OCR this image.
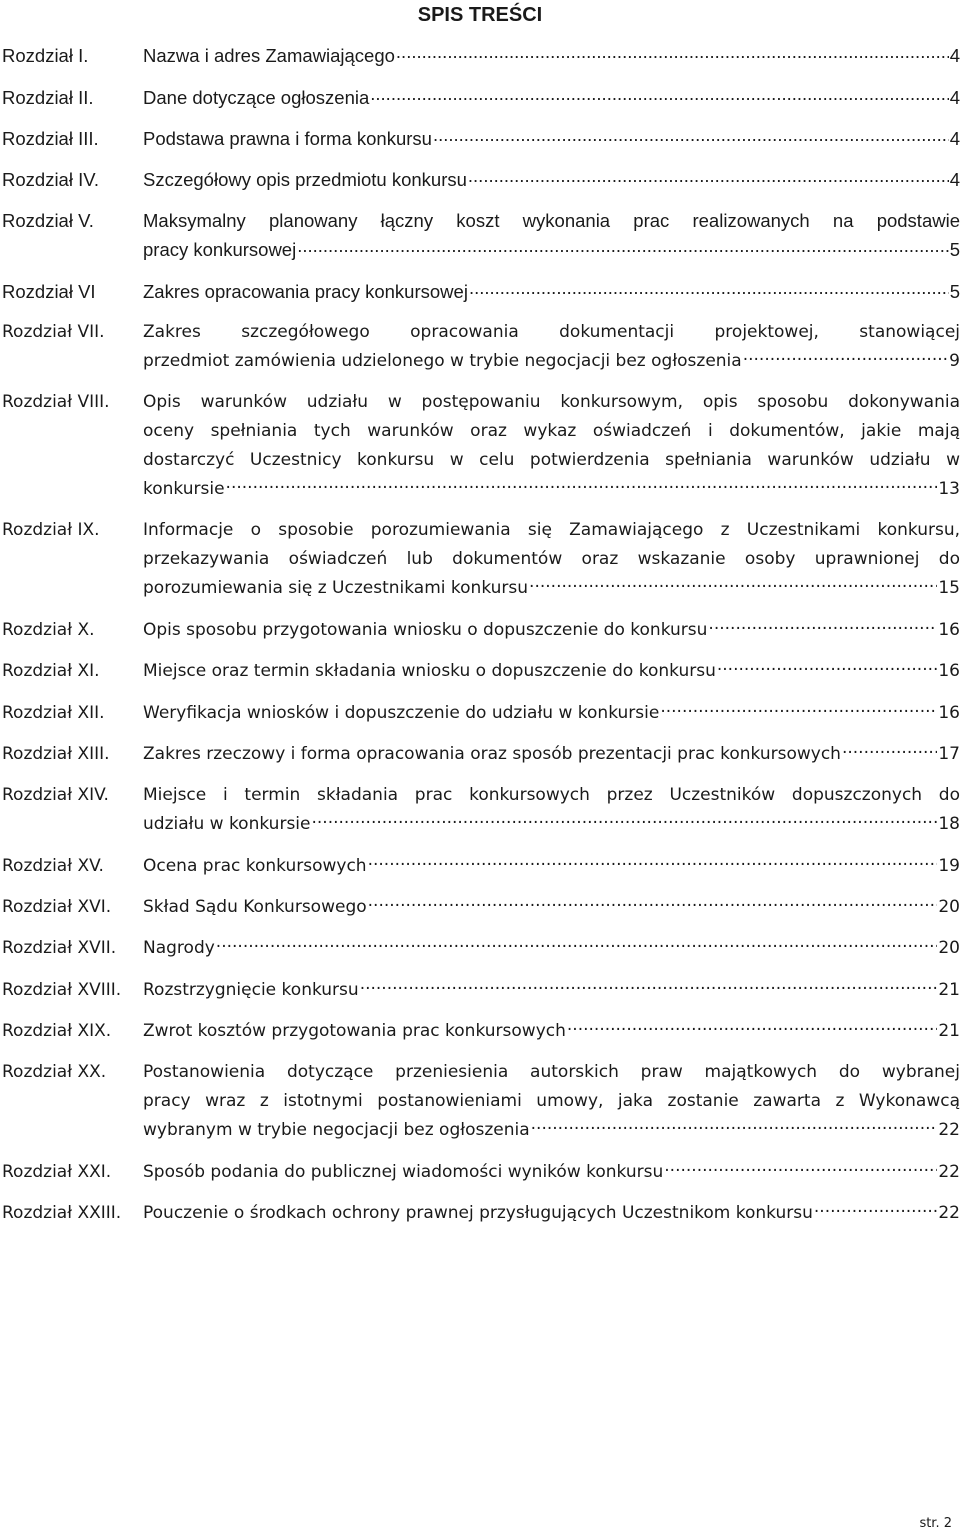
SPIS TREŚCI
Rozdział I.	Nazwa i adres Zamawiającego .....	4
Rozdział II.	Dane dotyczące ogłoszenia .....	4
Rozdział III. Podstawa prawna i forma konkursu .....	4
Rozdział IV. Szczegółowy opis przedmiotu konkursu .....	4
Rozdział V.	Maksymalny planowany łączny koszt wykonania prac realizowanych na podstawie
pracy konkursowej .....	5
Rozdział VI	Zakres opracowania pracy konkursowej .....	5
Rozdział VII. Zakres szczegółowego opracowania dokumentacji projektowej, stanowiącej
przedmiot zamówienia udzielonego w trybie negocjacji bez ogłoszenia .....	9
Rozdział VIII. Opis warunków udziału w postępowaniu konkursowym, opis sposobu dokonywania
oceny spełniania tych warunków oraz wykaz oświadczeń i dokumentów, jakie mają
dostarczyć Uczestnicy konkursu w celu potwierdzenia spełniania warunków udziału w
konkursie .....	13
Rozdział IX.	Informacje o sposobie porozumiewania się Zamawiającego z Uczestnikami konkursu,
przekazywania oświadczeń lub dokumentów oraz wskazanie osoby uprawnionej do
porozumiewania się z Uczestnikami konkursu .....	15
Rozdział X.	Opis sposobu przygotowania wniosku o dopuszczenie do konkursu .....	16
Rozdział XI.	Miejsce oraz termin składania wniosku o dopuszczenie do konkursu .....	16
Rozdział XII. Weryfikacja wniosków i dopuszczenie do udziału w konkursie .....	16
Rozdział XIII. Zakres rzeczowy i forma opracowania oraz sposób prezentacji prac konkursowych .....	17
Rozdział XIV. Miejsce i termin składania prac konkursowych przez Uczestników dopuszczonych do
udziału w konkursie .....	18
Rozdział XV. Ocena prac konkursowych .....	19
Rozdział XVI. Skład Sądu Konkursowego .....	20
Rozdział XVII. Nagrody .....	20
Rozdział XVIII. Rozstrzygnięcie konkursu .....	21
Rozdział XIX. Zwrot kosztów przygotowania prac konkursowych .....	21
Rozdział XX. Postanowienia dotyczące przeniesienia autorskich praw majątkowych do wybranej
pracy wraz z istotnymi postanowieniami umowy, jaka zostanie zawarta z Wykonawcą
wybranym w trybie negocjacji bez ogłoszenia .....	22
Rozdział XXI. Sposób podania do publicznej wiadomości wyników konkursu .....	22
Rozdział XXIII. Pouczenie o środkach ochrony prawnej przysługujących Uczestnikom konkursu .....	22
str. 2
